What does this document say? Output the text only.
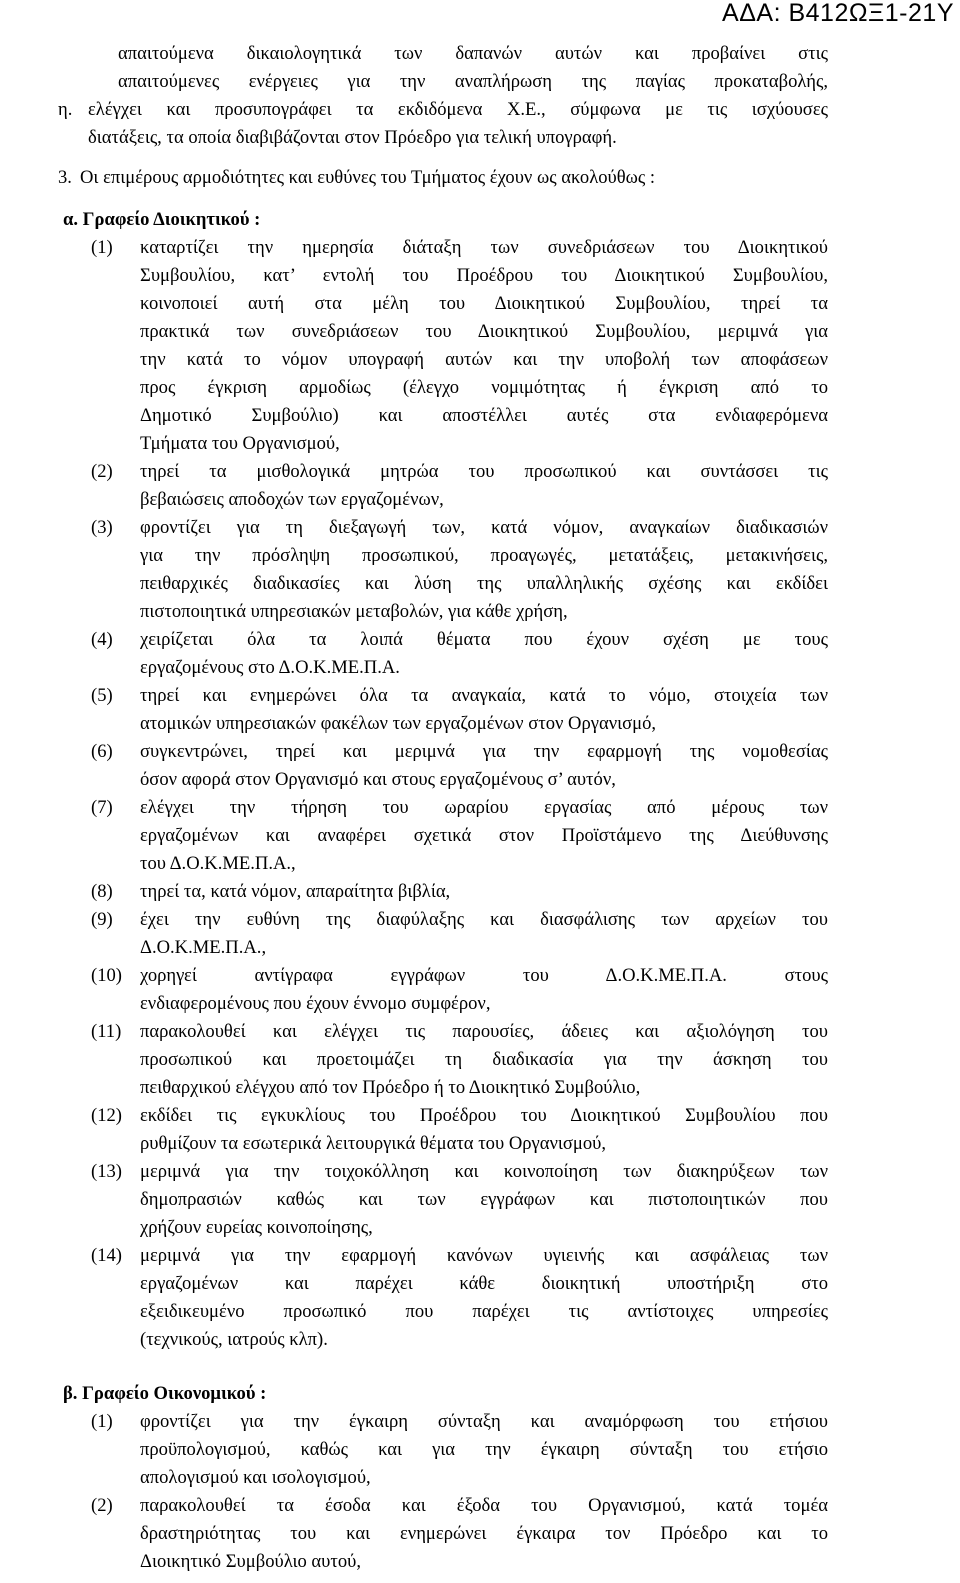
ΑΔΑ: Β412ΩΞ1-21Υ
απαιτούμενα δικαιολογητικά των δαπανών αυτών και προβαίνει στις
απαιτούμενες ενέργειες για την αναπλήρωση της παγίας προκαταβολής,
η. ελέγχει και προσυπογράφει τα εκδιδόμενα Χ.Ε., σύμφωνα με τις ισχύουσες
διατάξεις, τα οποία διαβιβάζονται στον Πρόεδρο για τελική υπογραφή.
3. Οι επιμέρους αρμοδιότητες και ευθύνες του Τμήματος έχουν ως ακολούθως :
α. Γραφείο Διοικητικού :
(1)	καταρτίζει την ημερησία διάταξη των συνεδριάσεων του Διοικητικού
Συμβουλίου, κατ’ εντολή του Προέδρου του Διοικητικού Συμβουλίου,
κοινοποιεί αυτή στα μέλη του Διοικητικού Συμβουλίου, τηρεί τα
πρακτικά των συνεδριάσεων του Διοικητικού Συμβουλίου, μεριμνά για
την κατά το νόμον υπογραφή αυτών και την υποβολή των αποφάσεων
προς έγκριση αρμοδίως (έλεγχο νομιμότητας ή έγκριση από το
Δημοτικό Συμβούλιο) και αποστέλλει αυτές στα ενδιαφερόμενα
Τμήματα του Οργανισμού,
(2)	τηρεί τα μισθολογικά μητρώα του προσωπικού και συντάσσει τις
βεβαιώσεις αποδοχών των εργαζομένων,
(3)	φροντίζει για τη διεξαγωγή των, κατά νόμον, αναγκαίων διαδικασιών
για την πρόσληψη προσωπικού, προαγωγές, μετατάξεις, μετακινήσεις,
πειθαρχικές διαδικασίες και λύση της υπαλληλικής σχέσης και εκδίδει
πιστοποιητικά υπηρεσιακών μεταβολών, για κάθε χρήση,
(4)	χειρίζεται όλα τα λοιπά θέματα που έχουν σχέση με τους
εργαζομένους στο Δ.Ο.Κ.ΜΕ.Π.Α.
(5)	τηρεί και ενημερώνει όλα τα αναγκαία, κατά το νόμο, στοιχεία των
ατομικών υπηρεσιακών φακέλων των εργαζομένων στον Οργανισμό,
(6)	συγκεντρώνει, τηρεί και μεριμνά για την εφαρμογή της νομοθεσίας
όσον αφορά στον Οργανισμό και στους εργαζομένους σ’ αυτόν,
(7)	ελέγχει την τήρηση του ωραρίου εργασίας από μέρους των
εργαζομένων και αναφέρει σχετικά στον Προϊστάμενο της Διεύθυνσης
του Δ.Ο.Κ.ΜΕ.Π.Α.,
(8)	τηρεί τα, κατά νόμον, απαραίτητα βιβλία,
(9)	έχει την ευθύνη της διαφύλαξης και διασφάλισης των αρχείων του
Δ.Ο.Κ.ΜΕ.Π.Α.,
(10) χορηγεί αντίγραφα εγγράφων του Δ.Ο.Κ.ΜΕ.Π.Α. στους
ενδιαφερομένους που έχουν έννομο συμφέρον,
(11)	παρακολουθεί και ελέγχει τις παρουσίες, άδειες και αξιολόγηση του
προσωπικού και προετοιμάζει τη διαδικασία για την άσκηση του
πειθαρχικού ελέγχου από τον Πρόεδρο ή το Διοικητικό Συμβούλιο,
(12) εκδίδει τις εγκυκλίους του Προέδρου του Διοικητικού Συμβουλίου που
ρυθμίζουν τα εσωτερικά λειτουργικά θέματα του Οργανισμού,
(13) μεριμνά για την τοιχοκόλληση και κοινοποίηση των διακηρύξεων των
δημοπρασιών καθώς και των εγγράφων και πιστοποιητικών που
χρήζουν ευρείας κοινοποίησης,
(14) μεριμνά για την εφαρμογή κανόνων υγιεινής και ασφάλειας των
εργαζομένων και παρέχει κάθε διοικητική υποστήριξη στο
εξειδικευμένο προσωπικό που παρέχει τις αντίστοιχες υπηρεσίες
(τεχνικούς, ιατρούς κλπ).
β. Γραφείο Οικονομικού :
(1)	φροντίζει για την έγκαιρη σύνταξη και αναμόρφωση του ετήσιου
προϋπολογισμού, καθώς και για την έγκαιρη σύνταξη του ετήσιο
απολογισμού και ισολογισμού,
(2)	παρακολουθεί τα έσοδα και έξοδα του Οργανισμού, κατά τομέα
δραστηριότητας του και ενημερώνει έγκαιρα τον Πρόεδρο και το
Διοικητικό Συμβούλιο αυτού,
